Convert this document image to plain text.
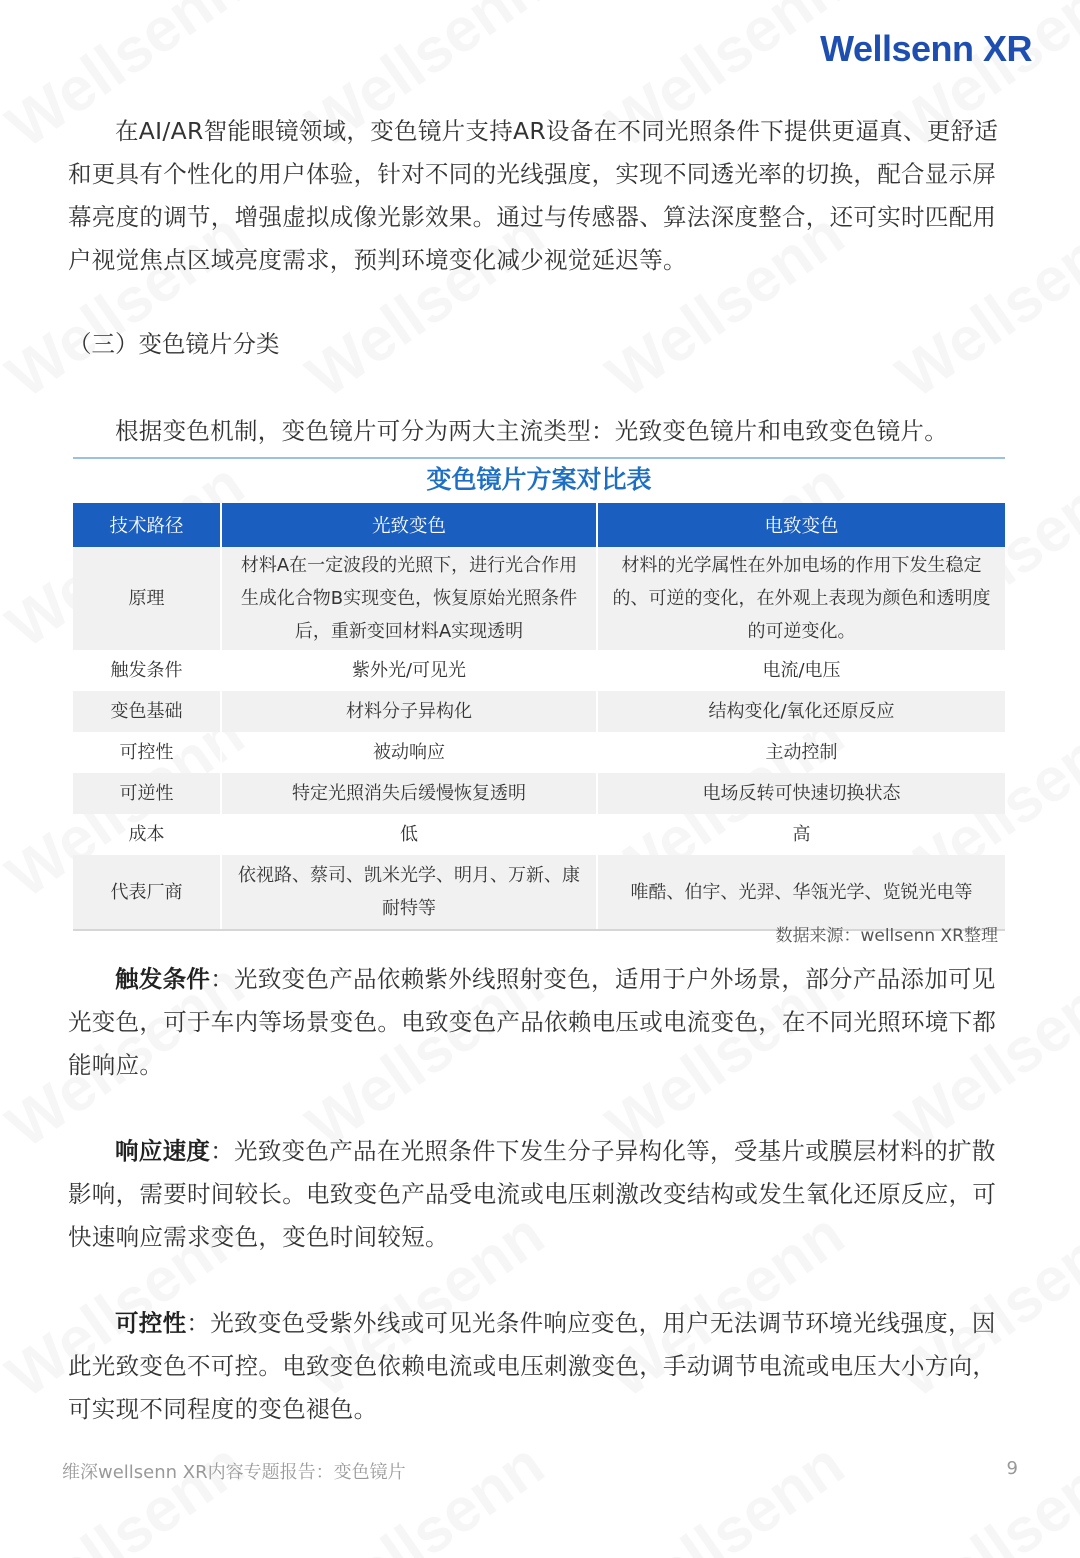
Wellsenn XR

在AI/AR智能眼镜领域，变色镜片支持AR设备在不同光照条件下提供更逼真、更舒适和更具有个性化的用户体验，针对不同的光线强度，实现不同透光率的切换，配合显示屏幕亮度的调节，增强虚拟成像光影效果。通过与传感器、算法深度整合，还可实时匹配用户视觉焦点区域亮度需求，预判环境变化减少视觉延迟等。

（三）变色镜片分类

根据变色机制，变色镜片可分为两大主流类型：光致变色镜片和电致变色镜片。

变色镜片方案对比表
技术路径	光致变色	电致变色
原理	材料A在一定波段的光照下，进行光合作用生成化合物B实现变色，恢复原始光照条件后，重新变回材料A实现透明	材料的光学属性在外加电场的作用下发生稳定的、可逆的变化，在外观上表现为颜色和透明度的可逆变化。
触发条件	紫外光/可见光	电流/电压
变色基础	材料分子异构化	结构变化/氧化还原反应
可控性	被动响应	主动控制
可逆性	特定光照消失后缓慢恢复透明	电场反转可快速切换状态
成本	低	高
代表厂商	依视路、蔡司、凯米光学、明月、万新、康耐特等	唯酷、伯宇、光羿、华瓴光学、览锐光电等
数据来源：wellsenn XR整理

触发条件：光致变色产品依赖紫外线照射变色，适用于户外场景，部分产品添加可见光变色，可于车内等场景变色。电致变色产品依赖电压或电流变色，在不同光照环境下都能响应。

响应速度：光致变色产品在光照条件下发生分子异构化等，受基片或膜层材料的扩散影响，需要时间较长。电致变色产品受电流或电压刺激改变结构或发生氧化还原反应，可快速响应需求变色，变色时间较短。

可控性：光致变色受紫外线或可见光条件响应变色，用户无法调节环境光线强度，因此光致变色不可控。电致变色依赖电流或电压刺激变色，手动调节电流或电压大小方向，可实现不同程度的变色褪色。

维深wellsenn XR内容专题报告：变色镜片	9
